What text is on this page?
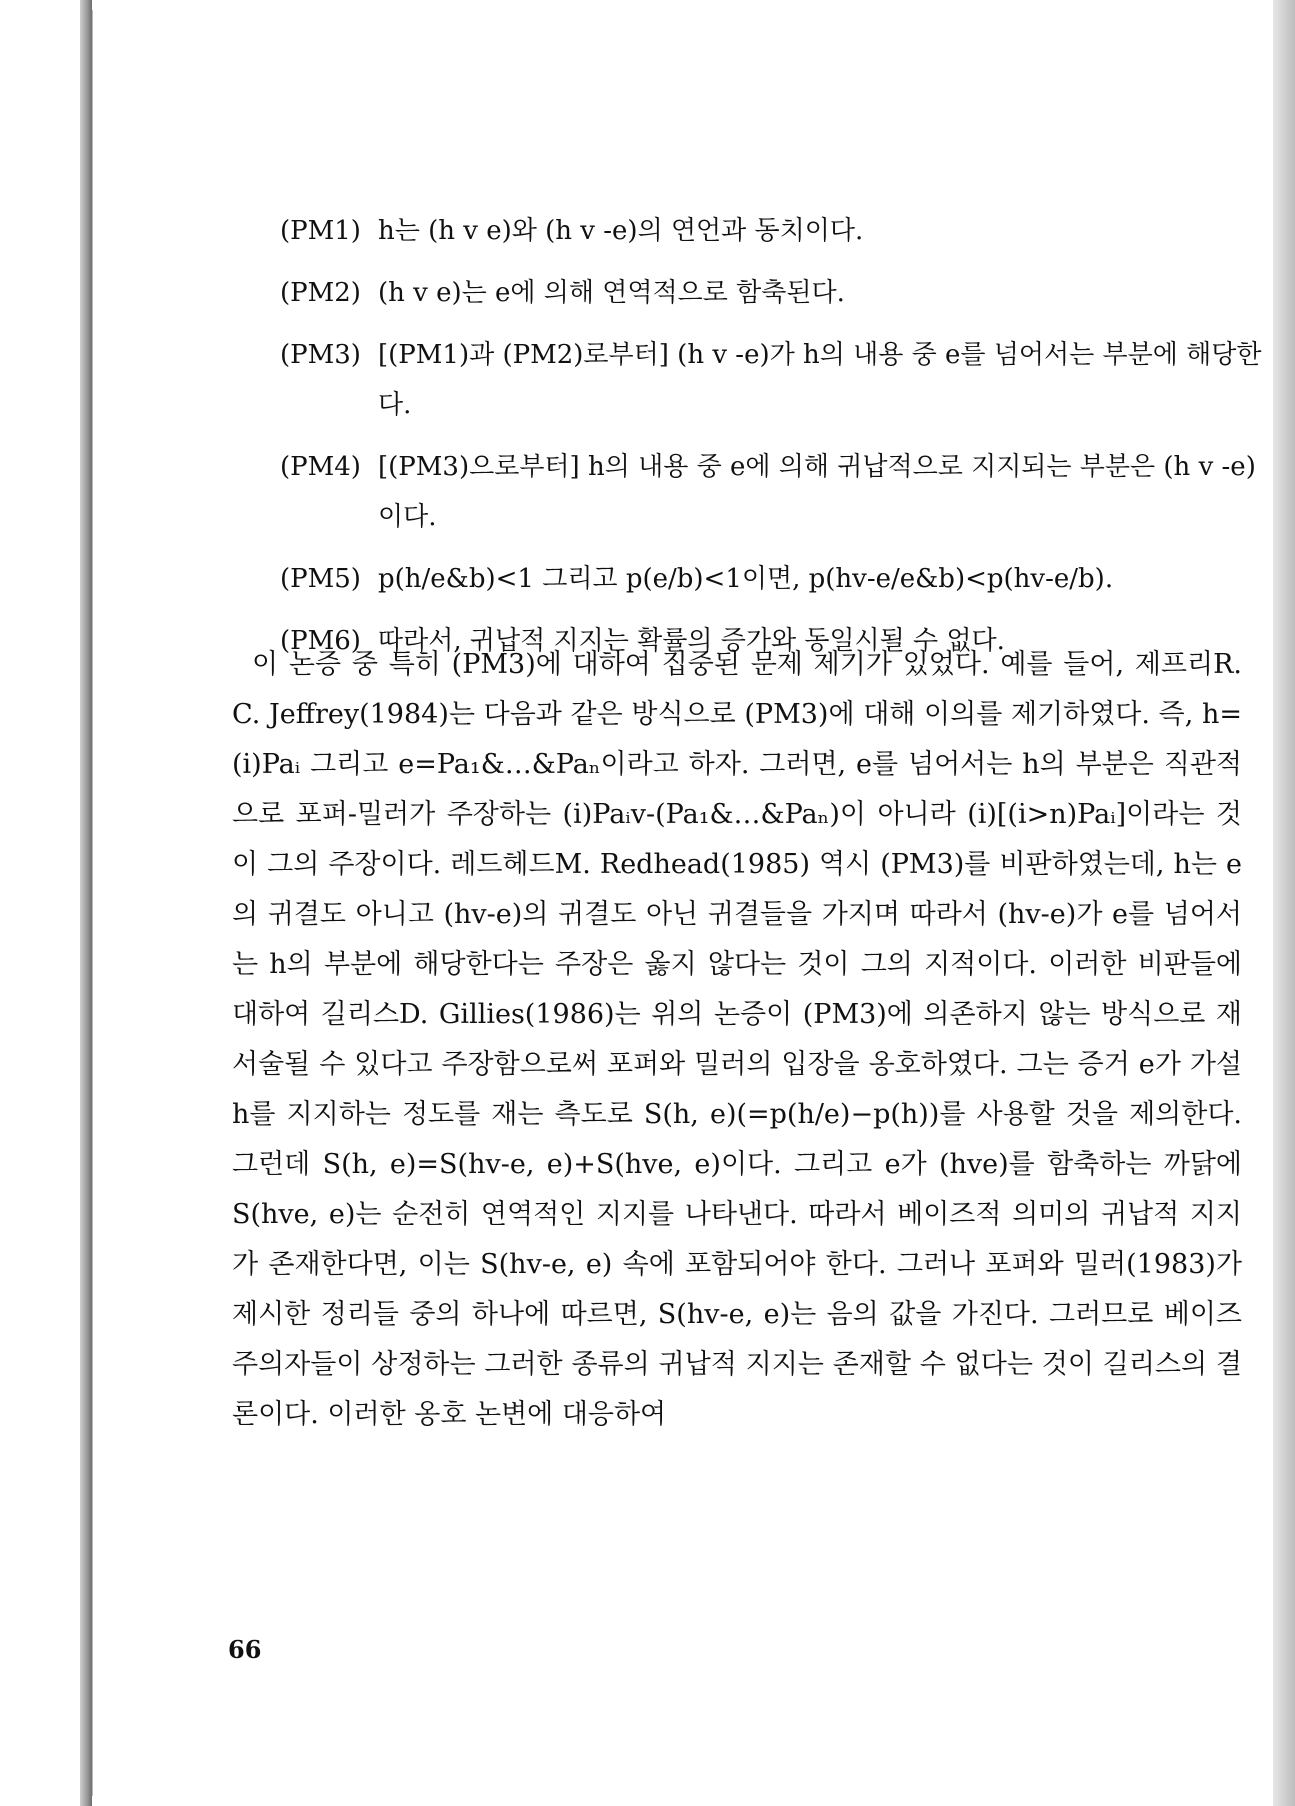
(PM1) h는 (h v e)와 (h v -e)의 연언과 동치이다.
(PM2) (h v e)는 e에 의해 연역적으로 함축된다.
(PM3) [(PM1)과 (PM2)로부터] (h v -e)가 h의 내용 중 e를 넘어서는 부분에 해당한다.
(PM4) [(PM3)으로부터] h의 내용 중 e에 의해 귀납적으로 지지되는 부분은 (h v -e)이다.
(PM5) p(h/e&b)<1 그리고 p(e/b)<1이면, p(hv-e/e&b)<p(hv-e/b).
(PM6) 따라서, 귀납적 지지는 확률의 증가와 동일시될 수 없다.

이 논증 중 특히 (PM3)에 대하여 집중된 문제 제기가 있었다. 예를 들어, 제프리R. C. Jeffrey(1984)는 다음과 같은 방식으로 (PM3)에 대해 이의를 제기하였다. 즉, h=(i)Paᵢ 그리고 e=Pa₁&…&Paₙ이라고 하자. 그러면, e를 넘어서는 h의 부분은 직관적으로 포퍼-밀러가 주장하는 (i)Paᵢv-(Pa₁&…&Paₙ)이 아니라 (i)[(i>n)Paᵢ]이라는 것이 그의 주장이다. 레드헤드M. Redhead(1985) 역시 (PM3)를 비판하였는데, h는 e의 귀결도 아니고 (hv-e)의 귀결도 아닌 귀결들을 가지며 따라서 (hv-e)가 e를 넘어서는 h의 부분에 해당한다는 주장은 옳지 않다는 것이 그의 지적이다. 이러한 비판들에 대하여 길리스D. Gillies(1986)는 위의 논증이 (PM3)에 의존하지 않는 방식으로 재서술될 수 있다고 주장함으로써 포퍼와 밀러의 입장을 옹호하였다. 그는 증거 e가 가설 h를 지지하는 정도를 재는 측도로 S(h, e)(=p(h/e)−p(h))를 사용할 것을 제의한다. 그런데 S(h, e)=S(hv-e, e)+S(hve, e)이다. 그리고 e가 (hve)를 함축하는 까닭에 S(hve, e)는 순전히 연역적인 지지를 나타낸다. 따라서 베이즈적 의미의 귀납적 지지가 존재한다면, 이는 S(hv-e, e) 속에 포함되어야 한다. 그러나 포퍼와 밀러(1983)가 제시한 정리들 중의 하나에 따르면, S(hv-e, e)는 음의 값을 가진다. 그러므로 베이즈주의자들이 상정하는 그러한 종류의 귀납적 지지는 존재할 수 없다는 것이 길리스의 결론이다. 이러한 옹호 논변에 대응하여

66
